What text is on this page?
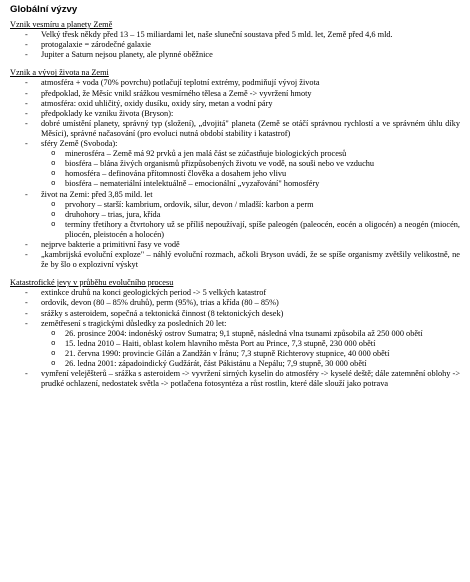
Globální výzvy
Vznik vesmíru a planety Země
- Velký třesk někdy před 13 – 15 miliardami let, naše sluneční soustava před 5 mld. let, Země před 4,6 mld.
- protogalaxie = zárodečné galaxie
- Jupiter a Saturn nejsou planety, ale plynné oběžnice
Vznik a vývoj života na Zemi
- atmosféra + voda (70% povrchu) potlačují teplotní extrémy, podmiňují vývoj života
- předpoklad, že Měsíc vnikl srážkou vesmírného tělesa a Země -> vyvržení hmoty
- atmosféra: oxid uhličitý, oxidy dusíku, oxidy síry, metan a vodní páry
- předpoklady ke vzniku života (Bryson):
- dobré umístění planety, správný typ (složení), „dvojitá" planeta (Země se otáčí správnou rychlostí a ve správném úhlu díky Měsíci), správné načasování (pro evoluci nutná období stability i katastrof)
- sféry Země (Svoboda):
o minerosféra – Země má 92 prvků a jen malá část se zúčastňuje biologických procesů
o biosféra – blána živých organismů přizpůsobených životu ve vodě, na souši nebo ve vzduchu
o homosféra – definována přítomností člověka a dosahem jeho vlivu
o biosféra – nemateriální intelektuálně – emocionální „vyzařování" homosféry
- život na Zemi: před 3,85 mild. let
o prvohory – starší: kambrium, ordovik, silur, devon / mladší: karbon a perm
o druhohory – trias, jura, křída
o termíny třetihory a čtvrtohory už se příliš nepoužívají, spíše paleogén (paleocén, eocén a oligocén) a neogén (miocén, pliocén, pleistocén a holocén)
- nejprve bakterie a primitivní řasy ve vodě
- „kambrijská evoluční exploze" – náhlý evoluční rozmach, ačkoli Bryson uvádí, že se spíše organismy zvětšily velikostně, ne že by šlo o explozivní výskyt
Katastrofické jevy v průběhu evolučního procesu
- extinkce druhů na konci geologických period -> 5 velkých katastrof
- ordovik, devon (80 – 85% druhů), perm (95%), trias a křída (80 – 85%)
- srážky s asteroidem, sopečná a tektonická činnost (8 tektonických desek)
- zemětřesení s tragickými důsledky za posledních 20 let:
o 26. prosince 2004: indonéský ostrov Sumatra; 9,1 stupně, následná vlna tsunami způsobila až 250 000 obětí
o 15. ledna 2010 – Haiti, oblast kolem hlavního města Port au Prince, 7,3 stupně, 230 000 obětí
o 21. června 1990: provincie Gílán a Zandžán v Íránu; 7,3 stupně Richterovy stupnice, 40 000 obětí
o 26. ledna 2001: západoindický Gudžárát, část Pákistánu a Nepálu; 7,9 stupně, 30 000 obětí
- vymření velejěšterů – srážka s asteroidem -> vyvržení sirných kyselin do atmosféry -> kyselé deště; dále zatemnění oblohy -> prudké ochlazení, nedostatek světla -> potlačena fotosyntéza a růst rostlin, které dále slouží jako potrava
